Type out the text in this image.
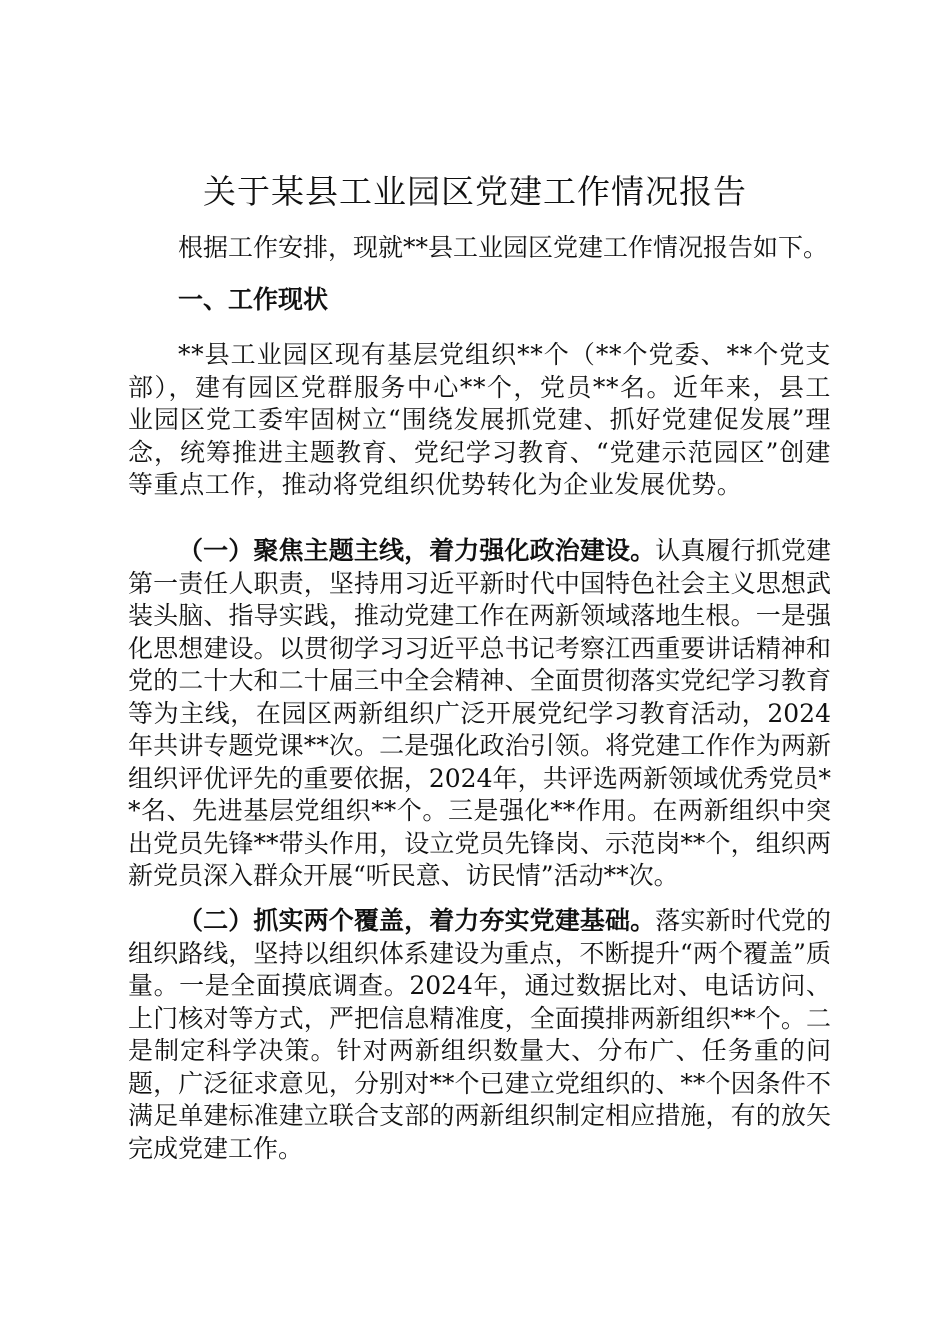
关于某县工业园区党建工作情况报告

根据工作安排，现就**县工业园区党建工作情况报告如下。

一、工作现状

**县工业园区现有基层党组织**个（**个党委、**个党支部），建有园区党群服务中心**个，党员**名。近年来，县工业园区党工委牢固树立“围绕发展抓党建、抓好党建促发展”理念，统筹推进主题教育、党纪学习教育、“党建示范园区”创建等重点工作，推动将党组织优势转化为企业发展优势。

（一）聚焦主题主线，着力强化政治建设。认真履行抓党建第一责任人职责，坚持用习近平新时代中国特色社会主义思想武装头脑、指导实践，推动党建工作在两新领域落地生根。一是强化思想建设。以贯彻学习习近平总书记考察江西重要讲话精神和党的二十大和二十届三中全会精神、全面贯彻落实党纪学习教育等为主线，在园区两新组织广泛开展党纪学习教育活动，2024年共讲专题党课**次。二是强化政治引领。将党建工作作为两新组织评优评先的重要依据，2024年，共评选两新领域优秀党员**名、先进基层党组织**个。三是强化**作用。在两新组织中突出党员先锋**带头作用，设立党员先锋岗、示范岗**个，组织两新党员深入群众开展“听民意、访民情”活动**次。

（二）抓实两个覆盖，着力夯实党建基础。落实新时代党的组织路线，坚持以组织体系建设为重点，不断提升“两个覆盖”质量。一是全面摸底调查。2024年，通过数据比对、电话访问、上门核对等方式，严把信息精准度，全面摸排两新组织**个。二是制定科学决策。针对两新组织数量大、分布广、任务重的问题，广泛征求意见，分别对**个已建立党组织的、**个因条件不满足单建标准建立联合支部的两新组织制定相应措施，有的放矢完成党建工作。
